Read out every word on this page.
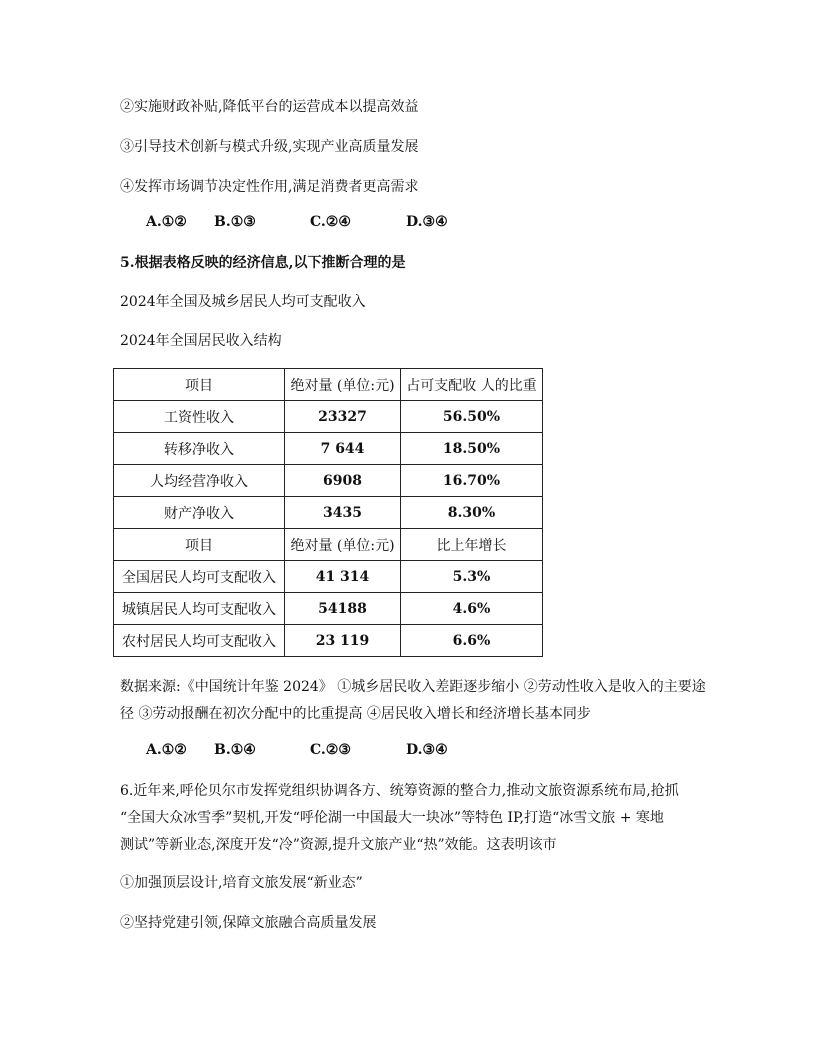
②实施财政补贴,降低平台的运营成本以提高效益
③引导技术创新与模式升级,实现产业高质量发展
④发挥市场调节决定性作用,满足消费者更高需求
A.①② B.①③	C.②④	D.③④
5.根据表格反映的经济信息,以下推断合理的是
2024年全国及城乡居民人均可支配收入
2024年全国居民收入结构
项目	绝对量 (单位:元)	占可支配收 人的比重
工资性收入	23327	56.50%
转移净收入	7 644	18.50%
人均经营净收入	6908	16.70%
财产净收入	3435	8.30%
项目	绝对量 (单位:元)	比上年增长
全国居民人均可支配收入	41 314	5.3%
城镇居民人均可支配收入	54188	4.6%
农村居民人均可支配收入	23 119	6.6%
数据来源:《中国统计年鉴 2024》 ①城乡居民收入差距逐步缩小 ②劳动性收入是收入的主要途
径 ③劳动报酬在初次分配中的比重提高 ④居民收入增长和经济增长基本同步
A.①② B.①④	C.②③	D.③④
6.近年来,呼伦贝尔市发挥党组织协调各方、统筹资源的整合力,推动文旅资源系统布局,抢抓
“全国大众冰雪季”契机,开发“呼伦湖一中国最大一块冰”等特色 IP,打造“冰雪文旅 + 寒地
测试”等新业态,深度开发“冷”资源,提升文旅产业“热”效能。这表明该市
①加强顶层设计,培育文旅发展“新业态”
②坚持党建引领,保障文旅融合高质量发展
